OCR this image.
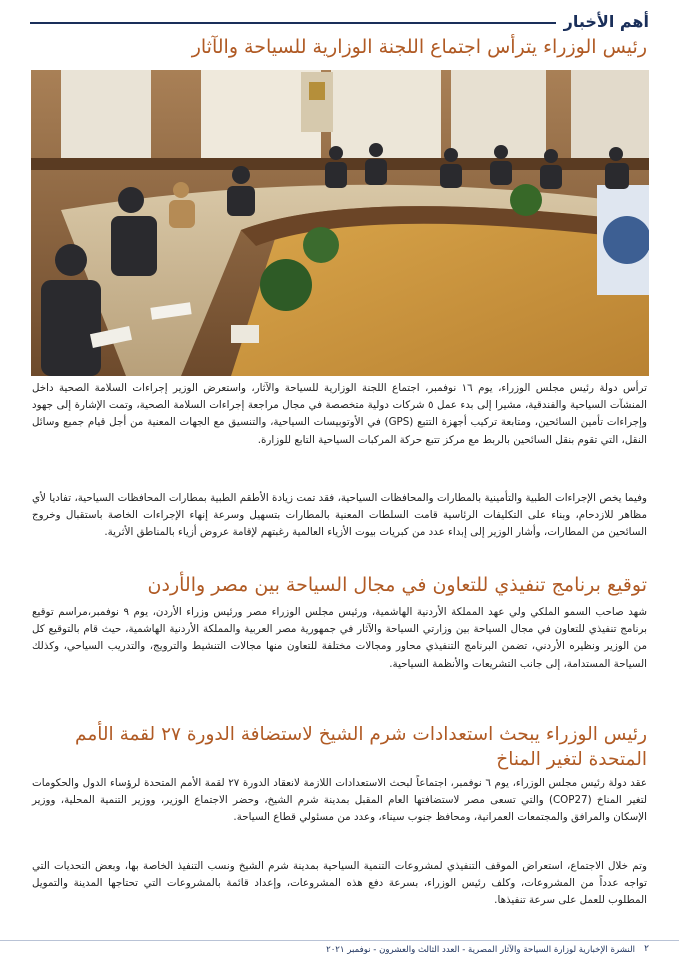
أهم الأخبار
رئيس الوزراء يترأس اجتماع اللجنة الوزارية للسياحة والآثار

ترأس دولة رئيس مجلس الوزراء، يوم ١٦ نوفمبر، اجتماع اللجنة الوزارية للسياحة والآثار، واستعرض الوزير إجراءات السلامة الصحية داخل المنشآت السياحية والفندقية، مشيرا إلى بدء عمل ٥ شركات دولية متخصصة في مجال مراجعة إجراءات السلامة الصحية، وتمت الإشارة إلى جهود وإجراءات تأمين السائحين، ومتابعة تركيب أجهزة التتبع (GPS) في الأوتوبيسات السياحية، والتنسيق مع الجهات المعنية من أجل قيام جميع وسائل النقل، التي تقوم بنقل السائحين بالربط مع مركز تتبع حركة المركبات السياحية التابع للوزارة.

وفيما يخص الإجراءات الطبية والتأمينية بالمطارات والمحافظات السياحية، فقد تمت زيادة الأطقم الطبية بمطارات المحافظات السياحية، تفاديا لأي مظاهر للازدحام، وبناء على التكليفات الرئاسية قامت السلطات المعنية بالمطارات بتسهيل وسرعة إنهاء الإجراءات الخاصة باستقبال وخروج السائحين من المطارات، وأشار الوزير إلى إبداء عدد من كبريات بيوت الأزياء العالمية رغبتهم لإقامة عروض أزياء بالمناطق الأثرية.

توقيع برنامج تنفيذي للتعاون في مجال السياحة بين مصر والأردن

شهد صاحب السمو الملكي ولي عهد المملكة الأردنية الهاشمية، ورئيس مجلس الوزراء مصر ورئيس وزراء الأردن، يوم ٩ نوفمبر،مراسم توقيع برنامج تنفيذي للتعاون في مجال السياحة بين وزارتي السياحة والآثار في جمهورية مصر العربية والمملكة الأردنية الهاشمية، حيث قام بالتوقيع كل من الوزير ونظيره الأردني، تضمن البرنامج التنفيذي محاور ومجالات مختلفة للتعاون منها مجالات التنشيط والترويج، والتدريب السياحي، وكذلك السياحة المستدامة، إلى جانب التشريعات والأنظمة السياحية.

رئيس الوزراء يبحث استعدادات شرم الشيخ لاستضافة الدورة ٢٧ لقمة الأمم المتحدة لتغير المناخ

عقد دولة رئيس مجلس الوزراء، يوم ٦ نوفمبر، اجتماعاً لبحث الاستعدادات اللازمة لانعقاد الدورة ٢٧ لقمة الأمم المتحدة لرؤساء الدول والحكومات لتغير المناخ (COP27) والتي تسعى مصر لاستضافتها العام المقبل بمدينة شرم الشيخ، وحضر الاجتماع الوزير، ووزير التنمية المحلية، ووزير الإسكان والمرافق والمجتمعات العمرانية، ومحافظ جنوب سيناء، وعدد من مسئولي قطاع السياحة.

وتم خلال الاجتماع، استعراض الموقف التنفيذي لمشروعات التنمية السياحية بمدينة شرم الشيخ ونسب التنفيذ الخاصة بها، وبعض التحديات التي تواجه عدداً من المشروعات، وكلف رئيس الوزراء، بسرعة دفع هذه المشروعات، وإعداد قائمة بالمشروعات التي تحتاجها المدينة والتمويل المطلوب للعمل على سرعة تنفيذها.

٢
النشرة الإخبارية لوزارة السياحة والآثار المصرية - العدد الثالث والعشرون - نوفمبر ٢٠٢١
